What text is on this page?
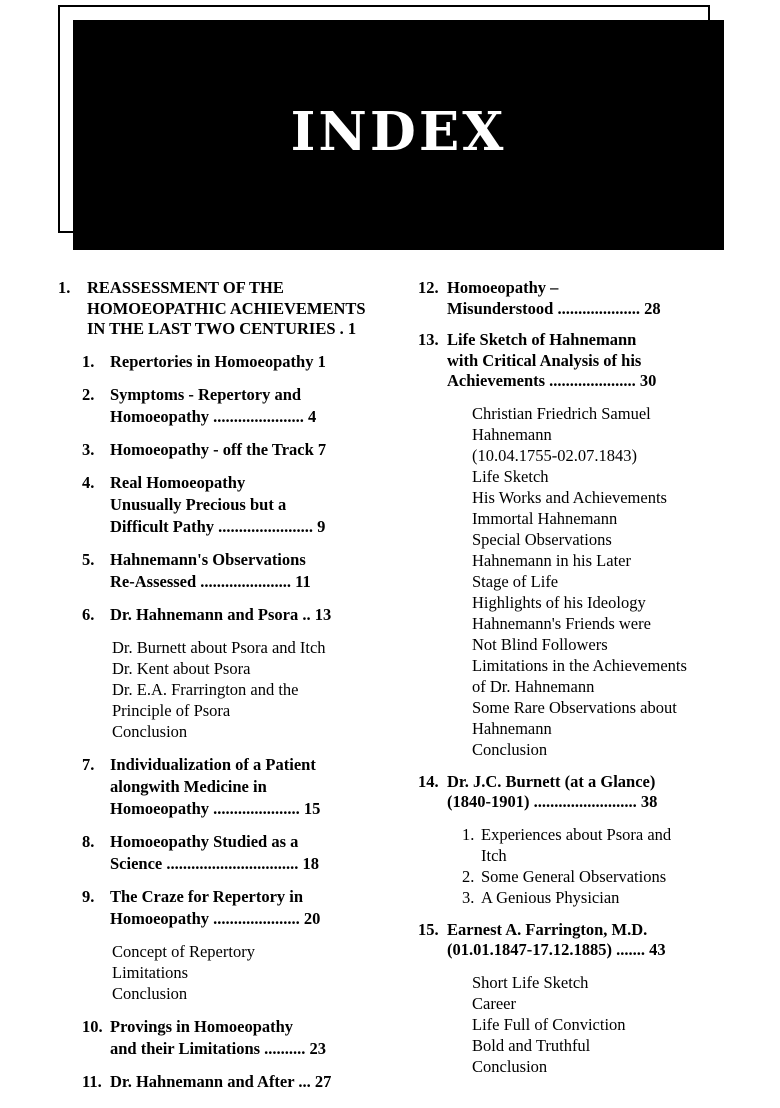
INDEX
1.	REASSESSMENT OF THE
HOMOEOPATHIC ACHIEVEMENTS
IN THE LAST TWO CENTURIES . 1
1. Repertories in Homoeopathy 1
2. Symptoms - Repertory and
Homoeopathy ...................... 4
3. Homoeopathy - off the Track 7
4. Real Homoeopathy
Unusually Precious but a
Difficult Pathy ....................... 9
5. Hahnemann's Observations
Re-Assessed ...................... 11
6. Dr. Hahnemann and Psora .. 13
Dr. Burnett about Psora and Itch
Dr. Kent about Psora
Dr. E.A. Frarrington and the
Principle of Psora
Conclusion
7. Individualization of a Patient
alongwith Medicine in
Homoeopathy ..................... 15
8. Homoeopathy Studied as a
Science ................................ 18
9. The Craze for Repertory in
Homoeopathy ..................... 20
Concept of Repertory
Limitations
Conclusion
10. Provings in Homoeopathy
and their Limitations .......... 23
11. Dr. Hahnemann and After ... 27
12. Homoeopathy –
Misunderstood .................... 28
13. Life Sketch of Hahnemann
with Critical Analysis of his
Achievements ..................... 30
Christian Friedrich Samuel
Hahnemann
(10.04.1755-02.07.1843)
Life Sketch
His Works and Achievements
Immortal Hahnemann
Special Observations
Hahnemann in his Later
Stage of Life
Highlights of his Ideology
Hahnemann's Friends were
Not Blind Followers
Limitations in the Achievements
of Dr. Hahnemann
Some Rare Observations about
Hahnemann
Conclusion
14. Dr. J.C. Burnett (at a Glance)
(1840-1901) ......................... 38
1. Experiences about Psora and
Itch
2. Some General Observations
3. A Genious Physician
15. Earnest A. Farrington, M.D.
(01.01.1847-17.12.1885) ....... 43
Short Life Sketch
Career
Life Full of Conviction
Bold and Truthful
Conclusion
